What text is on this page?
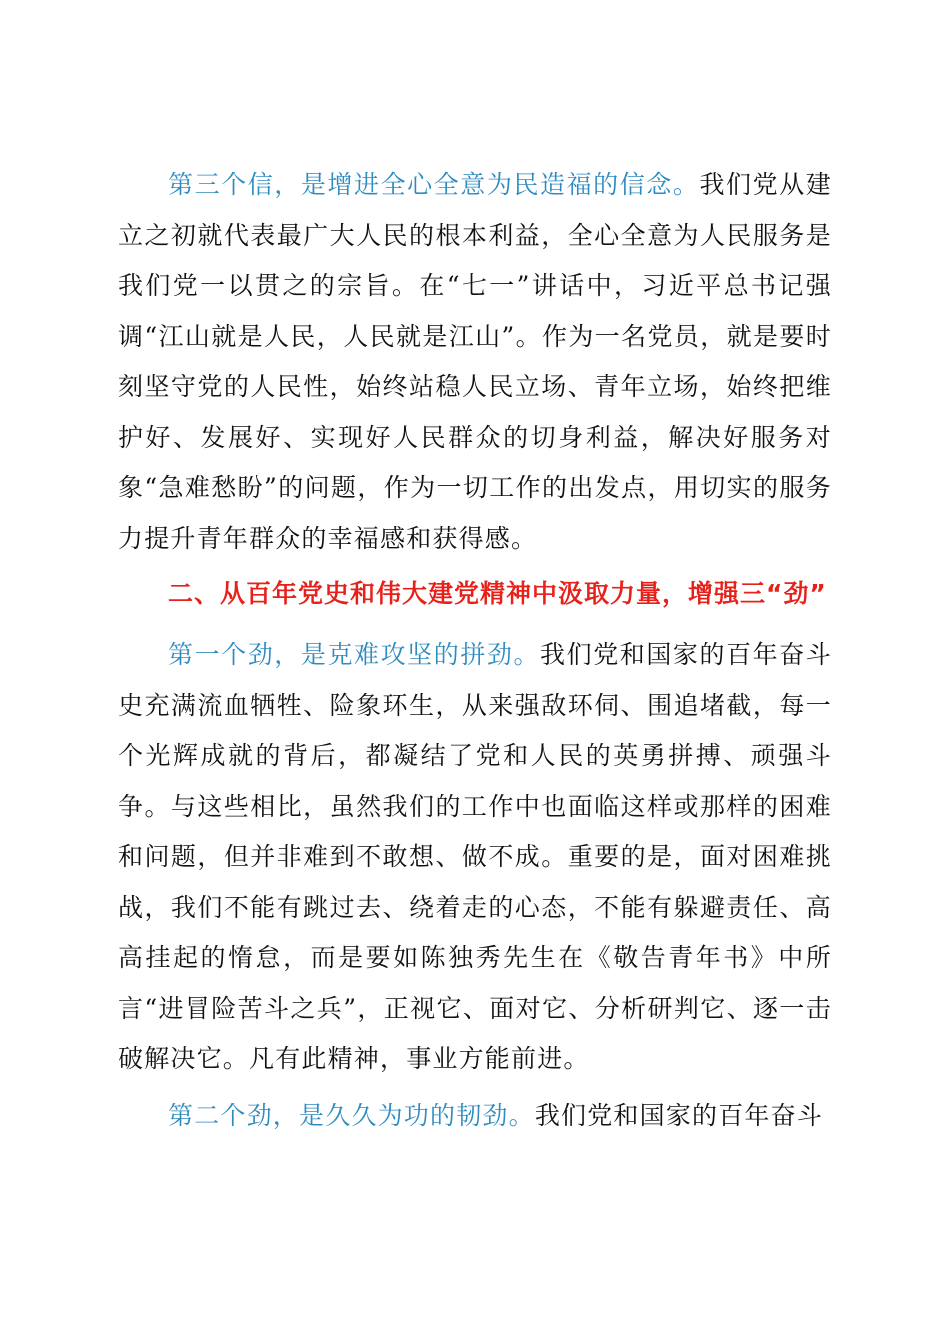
第三个信，是增进全心全意为民造福的信念。我们党从建立之初就代表最广大人民的根本利益，全心全意为人民服务是我们党一以贯之的宗旨。在“七一”讲话中，习近平总书记强调“江山就是人民，人民就是江山”。作为一名党员，就是要时刻坚守党的人民性，始终站稳人民立场、青年立场，始终把维护好、发展好、实现好人民群众的切身利益，解决好服务对象“急难愁盼”的问题，作为一切工作的出发点，用切实的服务力提升青年群众的幸福感和获得感。

二、从百年党史和伟大建党精神中汲取力量，增强三“劲”

第一个劲，是克难攻坚的拼劲。我们党和国家的百年奋斗史充满流血牺牲、险象环生，从来强敌环伺、围追堵截，每一个光辉成就的背后，都凝结了党和人民的英勇拼搏、顽强斗争。与这些相比，虽然我们的工作中也面临这样或那样的困难和问题，但并非难到不敢想、做不成。重要的是，面对困难挑战，我们不能有跳过去、绕着走的心态，不能有躲避责任、高高挂起的惰怠，而是要如陈独秀先生在《敬告青年书》中所言“进冒险苦斗之兵”，正视它、面对它、分析研判它、逐一击破解决它。凡有此精神，事业方能前进。

第二个劲，是久久为功的韧劲。我们党和国家的百年奋斗
